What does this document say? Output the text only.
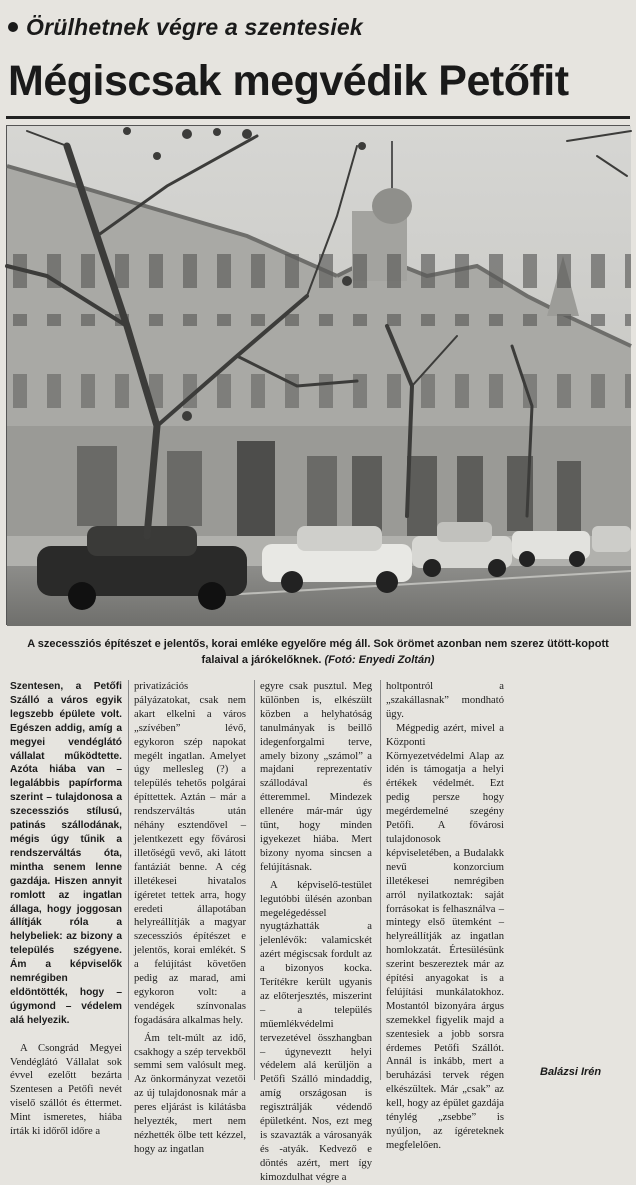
Örülhetnek végre a szentesiek
Mégiscsak megvédik Petőfit
A szecessziós építészet e jelentős, korai emléke egyelőre még áll. Sok örömet azonban nem szerez ütött-kopott falaival a járókelőknek. (Fotó: Enyedi Zoltán)

Szentesen, a Petőfi Szálló a város egyik legszebb épülete volt. Egészen addig, amíg a megyei vendéglátó vállalat működtette. Azóta hiába van – legalábbis papírforma szerint – tulajdonosa a szecessziós stílusú, patinás szállodának, mégis úgy tűnik a rendszerváltás óta, mintha senem lenne gazdája. Hiszen annyit romlott az ingatlan állaga, hogy joggosan állítják róla a helybeliek: az bizony a település szégyene. Ám a képviselők nemrégiben eldöntötték, hogy – úgymond – védelem alá helyezik.

A Csongrád Megyei Vendéglátó Vállalat sok évvel ezelőtt bezárta Szentesen a Petőfi nevét viselő szállót és éttermet. Mint ismeretes, hiába írták ki időről időre a

privatizációs pályázatokat, csak nem akart elkelni a város „szívében” lévő, egykoron szép napokat megélt ingatlan. Amelyet úgy mellesleg (?) a település tehetős polgárai építtettek. Aztán – már a rendszerváltás után néhány esztendővel – jelentkezett egy fővárosi illetőségű vevő, aki látott fantáziát benne. A cég illetékesei hivatalos ígéretet tettek arra, hogy eredeti állapotában helyreállítják a magyar szecessziós építészet e jelentős, korai emlékét. S a felújítást követően pedig az marad, ami egykoron volt: a vendégek színvonalas fogadására alkalmas hely.

Ám telt-múlt az idő, csakhogy a szép tervekből semmi sem valósult meg. Az önkormányzat vezetői az új tulajdonosnak már a peres eljárást is kilátásba helyezték, mert nem nézhették ölbe tett kézzel, hogy az ingatlan

egyre csak pusztul. Meg különben is, elkészült közben a helyhatóság tanulmányak is beillő idegenforgalmi terve, amely bizony „számol” a majdani reprezentatív szállodával és étteremmel. Mindezek ellenére már-már úgy tűnt, hogy minden igyekezet hiába. Mert bizony nyoma sincsen a felújításnak.

A képviselő-testület legutóbbi ülésén azonban megelégedéssel nyugtázhatták a jelenlévők: valamicskét azért mégiscsak fordult az a bizonyos kocka. Terítékre került ugyanis az előterjesztés, miszerint – a település műemlékvédelmi tervezetével összhangban – úgyneveztt helyi védelem alá kerüljön a Petőfi Szálló mindaddig, amíg országosan is regisztrálják védendő épületként. Nos, ezt meg is szavazták a városanyák és -atyák. Kedvező e döntés azért, mert így kimozdulhat végre a

holtpontról a „szakállasnak” mondható ügy.

Mégpedig azért, mivel a Központi Környezetvédelmi Alap az idén is támogatja a helyi értékek védelmét. Ezt pedig persze hogy megérdemelné szegény Petőfi. A fővárosi tulajdonosok képviseletében, a Budalakk nevű konzorcium illetékesei nemrégiben arról nyilatkoztak: saját forrásokat is felhasználva – mintegy első ütemként – helyreállítják az ingatlan homlokzatát. Értesülésünk szerint beszereztek már az építési anyagokat is a felújítási munkálatokhoz. Mostantól bizonyára árgus szemekkel figyelik majd a szentesiek a jobb sorsra érdemes Petőfi Szállót. Annál is inkább, mert a beruházási tervek régen elkészültek. Már „csak” az kell, hogy az épület gazdája ténylég „zsebbe” is nyúljon, az ígéreteknek megfelelően.

Balázsi Irén
